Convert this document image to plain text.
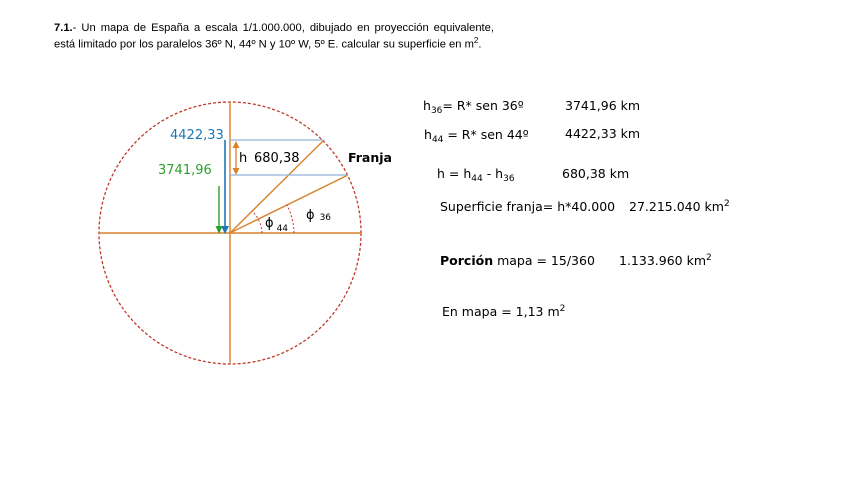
7.1.- Un mapa de España a escala 1/1.000.000, dibujado en proyección equivalente, está limitado por los paralelos 36º N, 44º N y 10º W, 5º E. calcular su superficie en $m^2$.
4422,33
3741,96
h 680,38	Franja
ϕ $_{44}$
ϕ 36
$h_{36}= R*$ sen 36º	3741,96 km
$h_{44} = R*$ sen 44º	4422,33 km
$h = h_{44} - h_{36}$	680,38 km
Superficie franja= h*40.000 27.215.040 $km^2$
Porción mapa = 15/360 1.133.960 $km^2$
En mapa = 1,13 $m^2$
